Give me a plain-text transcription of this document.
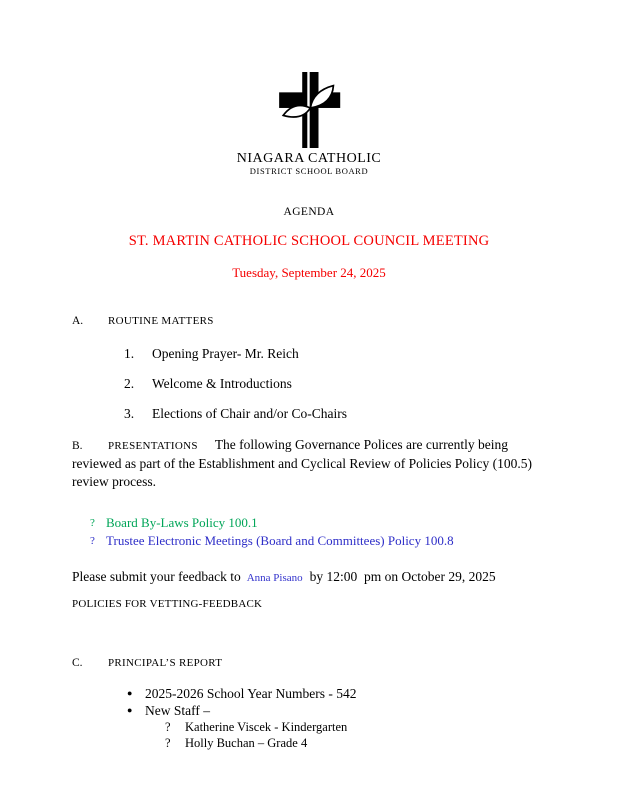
NIAGARA CATHOLIC
DISTRICT SCHOOL BOARD
AGENDA
ST. MARTIN CATHOLIC SCHOOL COUNCIL MEETING
Tuesday, September 24, 2025
A.	ROUTINE MATTERS
1.	Opening Prayer- Mr. Reich
2.	Welcome & Introductions
3.	Elections of Chair and/or Co-Chairs

B. PRESENTATIONS The following Governance Polices are currently being reviewed as part of the Establishment and Cyclical Review of Policies Policy (100.5) review process.

? Board By-Laws Policy 100.1
? Trustee Electronic Meetings (Board and Committees) Policy 100.8
Please submit your feedback to Anna Pisano by 12:00  pm on October 29, 2025
POLICIES FOR VETTING-FEEDBACK
C.	PRINCIPAL’S REPORT
● 2025-2026 School Year Numbers - 542
● New Staff –
?	Katherine Viscek - Kindergarten
?	Holly Buchan – Grade 4
